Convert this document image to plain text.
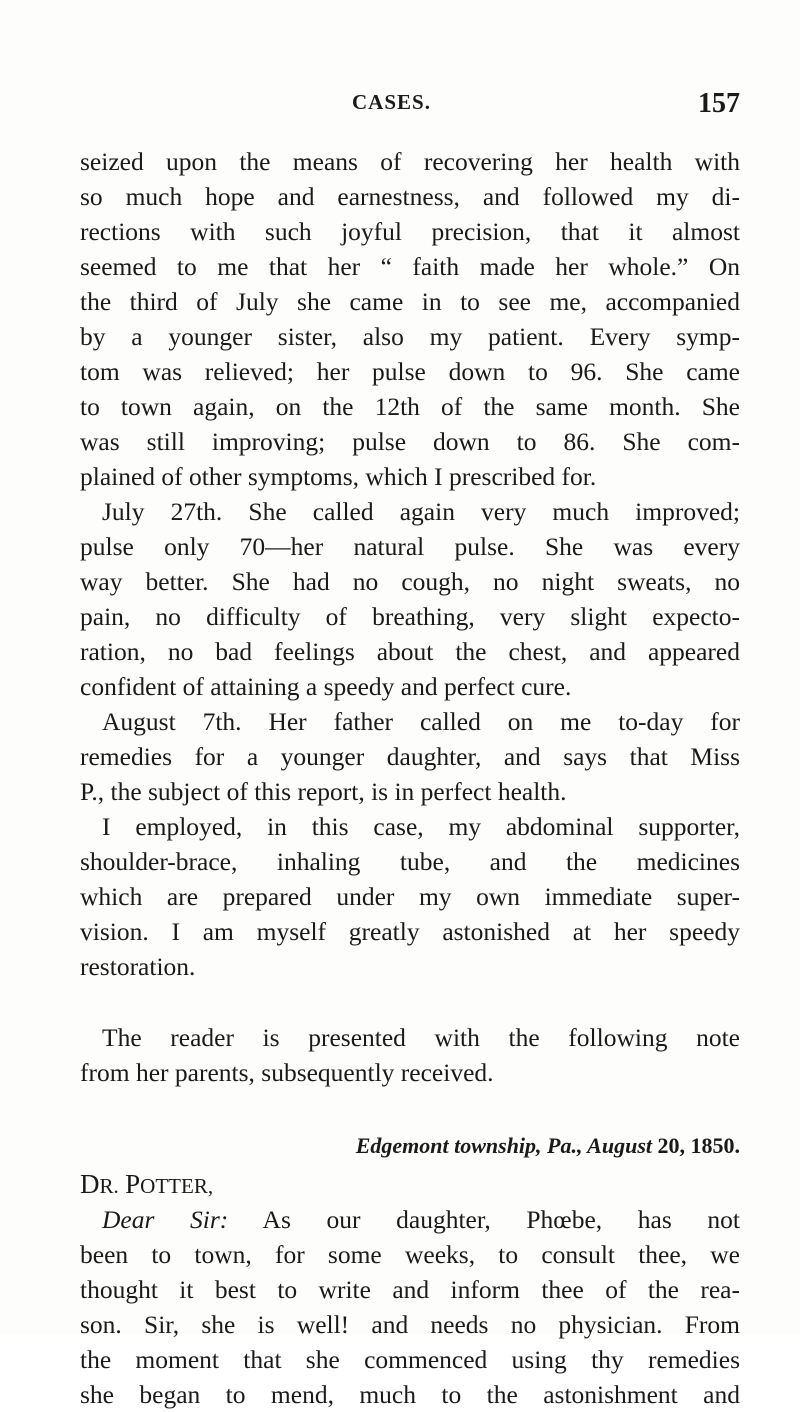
CASES.	157
seized upon the means of recovering her health with
so much hope and earnestness, and followed my di-
rections with such joyful precision, that it almost
seemed to me that her “ faith made her whole.” On
the third of July she came in to see me, accompanied
by a younger sister, also my patient. Every symp-
tom was relieved; her pulse down to 96. She came
to town again, on the 12th of the same month. She
was still improving; pulse down to 86. She com-
plained of other symptoms, which I prescribed for.
July 27th. She called again very much improved;
pulse only 70—her natural pulse. She was every
way better. She had no cough, no night sweats, no
pain, no difficulty of breathing, very slight expecto-
ration, no bad feelings about the chest, and appeared
confident of attaining a speedy and perfect cure.
August 7th. Her father called on me to-day for
remedies for a younger daughter, and says that Miss
P., the subject of this report, is in perfect health.
I employed, in this case, my abdominal supporter,
shoulder-brace, inhaling tube, and the medicines
which are prepared under my own immediate super-
vision. I am myself greatly astonished at her speedy
restoration.
The reader is presented with the following note
from her parents, subsequently received.
Edgemont township, Pa., August 20, 1850.
DR. POTTER,
Dear Sir: As our daughter, Phœbe, has not
been to town, for some weeks, to consult thee, we
thought it best to write and inform thee of the rea-
son. Sir, she is well! and needs no physician. From
the moment that she commenced using thy remedies
she began to mend, much to the astonishment and
